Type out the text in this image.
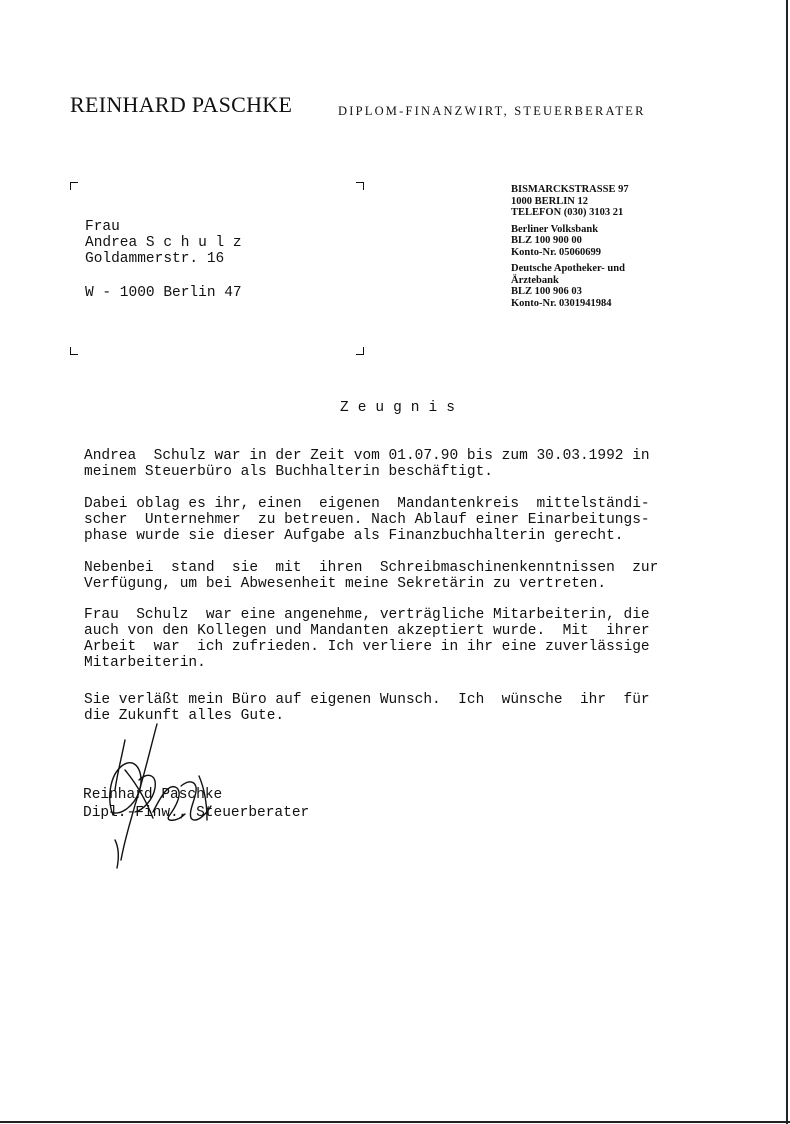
REINHARD PASCHKE	DIPLOM-FINANZWIRT, STEUERBERATER
Frau
Andrea S c h u l z
Goldammerstr. 16
W - 1000 Berlin 47
BISMARCKSTRASSE 97
1000 BERLIN 12
TELEFON (030) 3103 21
Berliner Volksbank
BLZ 100 900 00
Konto-Nr. 05060699
Deutsche Apotheker- und
Ärztebank
BLZ 100 906 03
Konto-Nr. 0301941984
Zeugnis
Andrea  Schulz war in der Zeit vom 01.07.90 bis zum 30.03.1992 in
meinem Steuerbüro als Buchhalterin beschäftigt.
Dabei oblag es ihr, einen  eigenen  Mandantenkreis  mittelständi-
scher  Unternehmer  zu betreuen. Nach Ablauf einer Einarbeitungs-
phase wurde sie dieser Aufgabe als Finanzbuchhalterin gerecht.
Nebenbei  stand  sie  mit  ihren  Schreibmaschinenkenntnissen  zur
Verfügung, um bei Abwesenheit meine Sekretärin zu vertreten.
Frau  Schulz  war eine angenehme, verträgliche Mitarbeiterin, die
auch von den Kollegen und Mandanten akzeptiert wurde.  Mit  ihrer
Arbeit  war  ich zufrieden. Ich verliere in ihr eine zuverlässige
Mitarbeiterin.
Sie verläßt mein Büro auf eigenen Wunsch.  Ich  wünsche  ihr  für
die Zukunft alles Gute.
Reinhard Paschke
Dipl.-Finw., Steuerberater
